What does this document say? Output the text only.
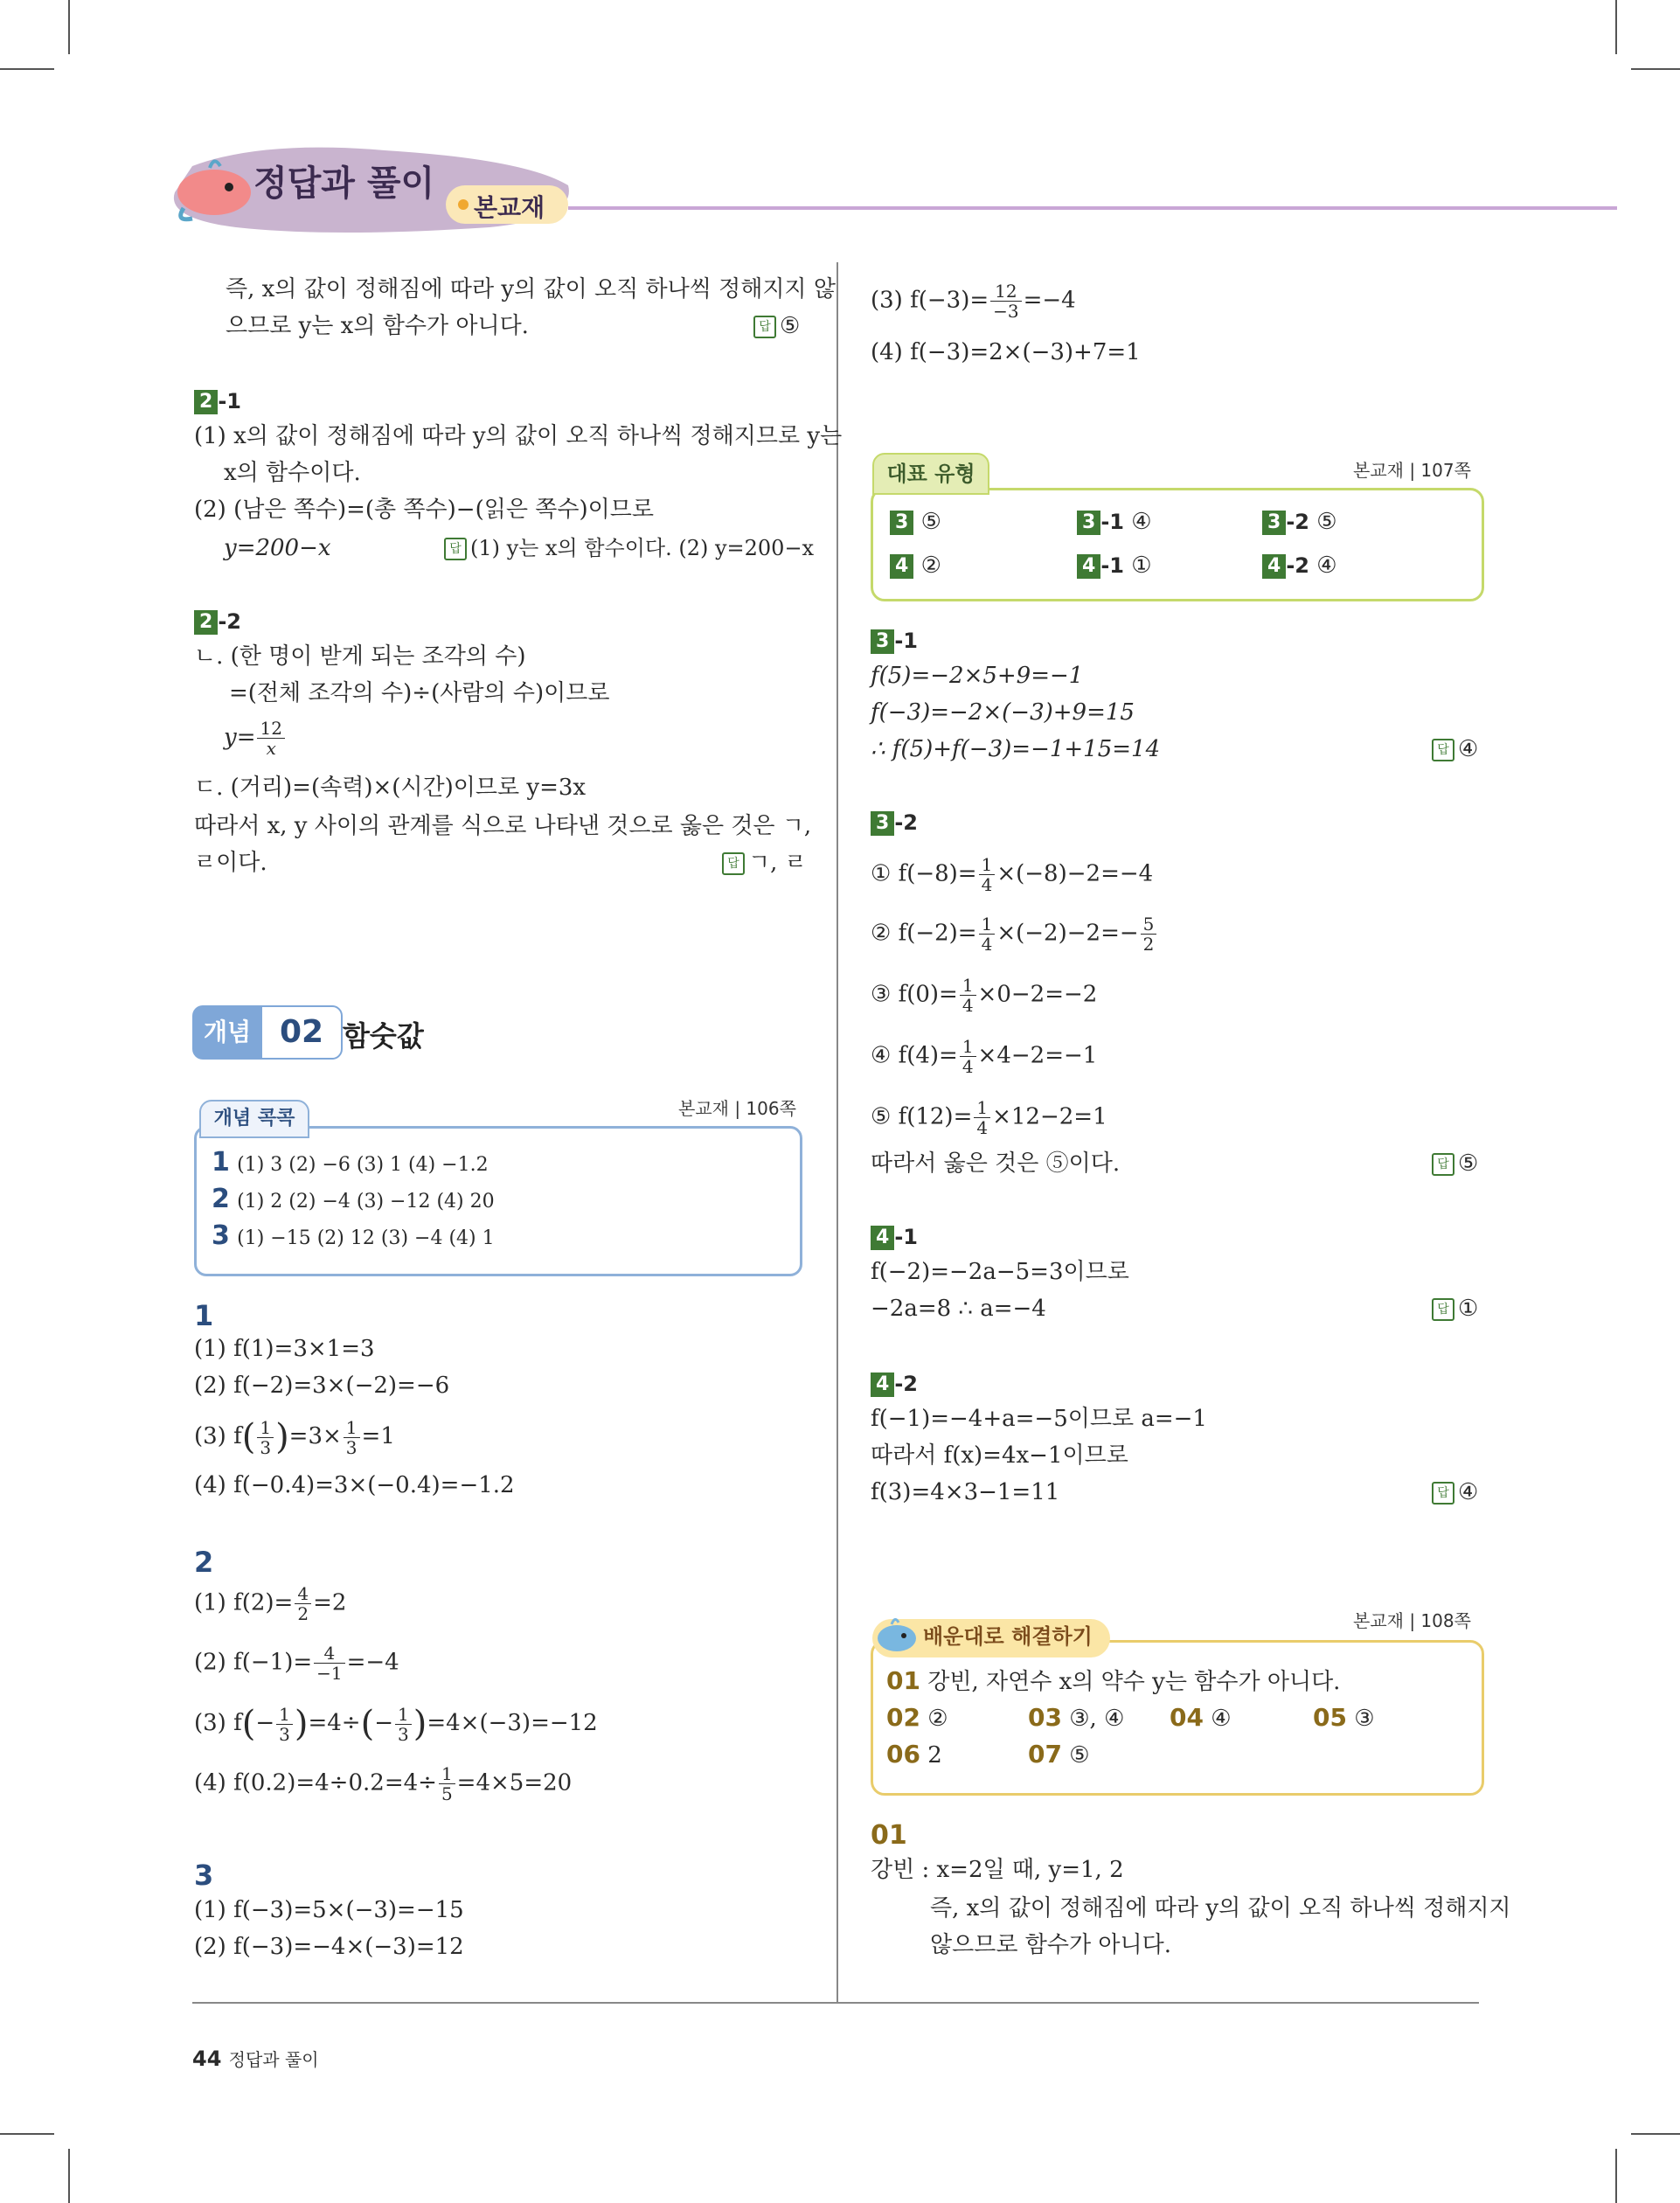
정답과 풀이
본교재
즉, x의 값이 정해짐에 따라 y의 값이 오직 하나씩 정해지지 않
으므로 y는 x의 함수가 아니다.	답 ⑤
2 -1
(1) x의 값이 정해짐에 따라 y의 값이 오직 하나씩 정해지므로 y는
x의 함수이다.
(2) (남은 쪽수)=(총 쪽수)−(읽은 쪽수)이므로
y=200−x	답 (1) y는 x의 함수이다. (2) y=200−x
2 -2
ㄴ. (한 명이 받게 되는 조각의 수)
=(전체 조각의 수)÷(사람의 수)이므로
$y= \frac{12}{x}$
ㄷ. (거리)=(속력)×(시간)이므로 y=3x
따라서 x, y 사이의 관계를 식으로 나타낸 것으로 옳은 것은 ㄱ,
ㄹ이다.	답 ㄱ, ㄹ
개념 02 함숫값
개념 콕콕	본교재 | 106쪽
1 (1) 3 (2) −6 (3) 1 (4) −1.2
2 (1) 2 (2) −4 (3) −12 (4) 20
3 (1) −15 (2) 12 (3) −4 (4) 1
1
(1) f(1)=3×1=3
(2) f(−2)=3×(−2)=−6
(3) $f( \frac{1}{3} )=3\times \frac{1}{3} =1$
(4) f(−0.4)=3×(−0.4)=−1.2
2
(1) $f(2)= \frac{4}{2} =2$
(2) $f(-1)= \frac{4}{-1} =-4$
(3) $f(- \frac{1}{3} )=4\div(- \frac{1}{3} )=4\times(-3)=-12$
(4) $f(0.2)=4\div 0.2=4\div \frac{1}{5} =4\times 5=20$
3
(1) f(−3)=5×(−3)=−15
(2) f(−3)=−4×(−3)=12
(3) $f(-3)= \frac{12}{-3} =-4$
(4) f(−3)=2×(−3)+7=1
대표 유형	본교재 | 107쪽
3 ⑤	3 -1 ④	3 -2 ⑤
4 ②	4 -1 ①	4 -2 ④
3 -1
f(5)=−2×5+9=−1
f(−3)=−2×(−3)+9=15
∴ f(5)+f(−3)=−1+15=14	답 ④
3 -2
① $f(-8)= \frac{1}{4} \times(-8)-2=-4$
② $f(-2)= \frac{1}{4} \times(-2)-2=- \frac{5}{2}$
③ $f(0)= \frac{1}{4} \times 0-2=-2$
④ $f(4)= \frac{1}{4} \times 4-2=-1$
⑤ $f(12)= \frac{1}{4} \times 12-2=1$
따라서 옳은 것은 ⑤이다.	답 ⑤
4 -1
f(−2)=−2a−5=3이므로
−2a=8 ∴ a=−4	답 ①
4 -2
f(−1)=−4+a=−5이므로 a=−1
따라서 f(x)=4x−1이므로
f(3)=4×3−1=11	답 ④
배운대로 해결하기
본교재 | 108쪽
01 강빈, 자연수 x의 약수 y는 함수가 아니다.
02 ②	03 ③, ④ 04 ④	05 ③
06 2	07 ⑤
01
강빈 : x=2일 때, y=1, 2
즉, x의 값이 정해짐에 따라 y의 값이 오직 하나씩 정해지지
않으므로 함수가 아니다.
44 정답과 풀이
